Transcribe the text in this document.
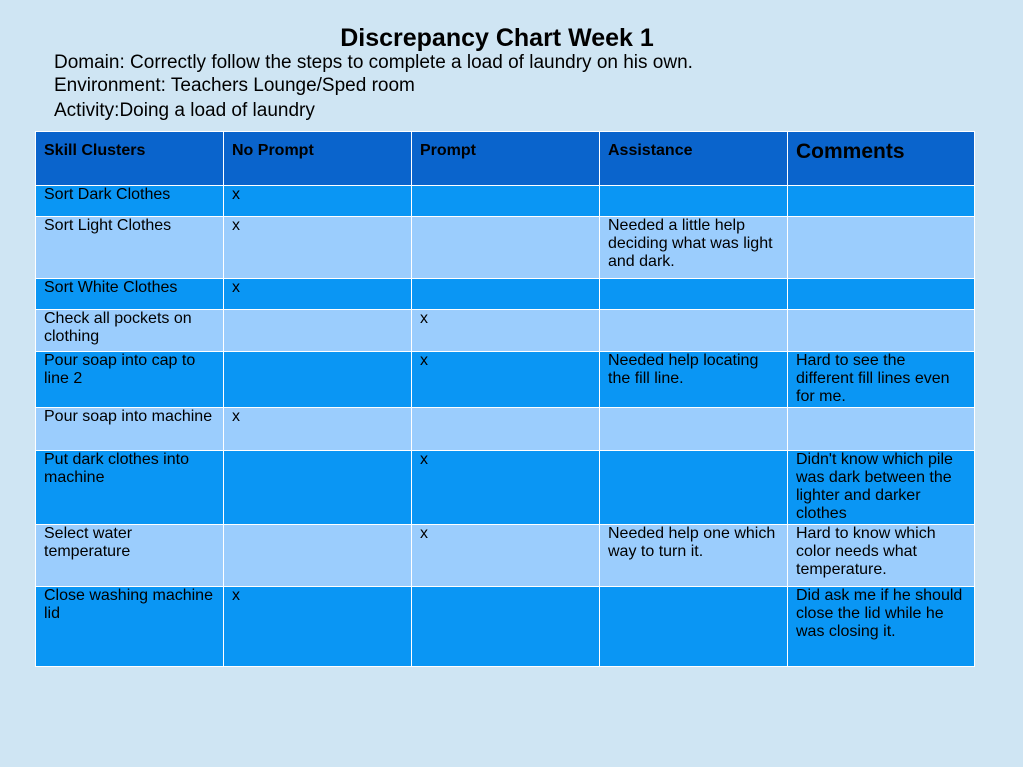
Discrepancy Chart Week 1
Domain: Correctly follow the steps to complete a load of laundry on his own.
Environment: Teachers Lounge/Sped room
Activity:Doing a load of laundry
Skill Clusters	No Prompt	Prompt	Assistance	Comments
Sort Dark Clothes	x			
Sort Light Clothes	x		Needed a little help deciding what was light and dark.	
Sort White Clothes	x			
Check all pockets on clothing		x		
Pour soap into cap to line 2		x	Needed help locating the fill line.	Hard to see the different fill lines even for me.
Pour soap into machine	x			
Put dark clothes into machine		x		Didn't know which pile was dark between the lighter and darker clothes
Select water temperature		x	Needed help one which way to turn it.	Hard to know which color needs what temperature.
Close washing machine lid	x			Did ask me if he should close the lid while he was closing it.
